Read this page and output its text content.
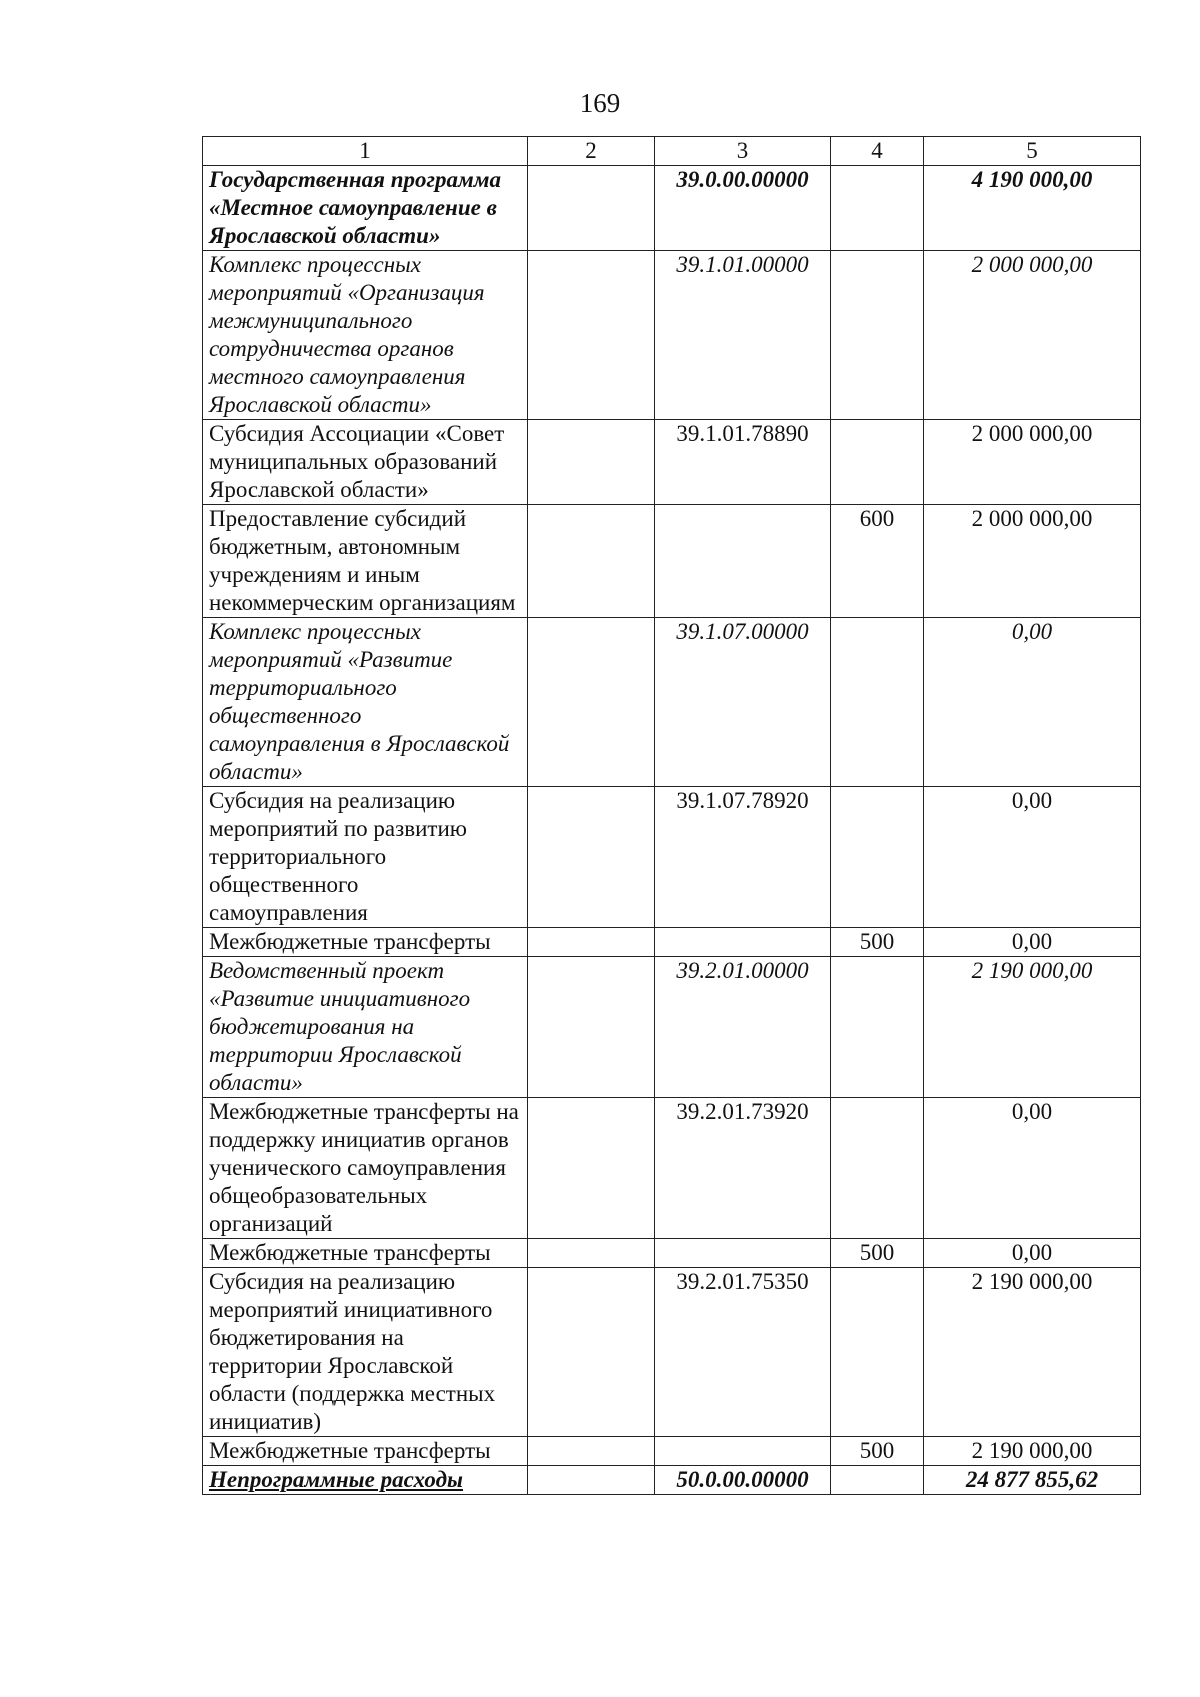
169
1	2	3	4	5
Государственная программа «Местное самоуправление в Ярославской области»		39.0.00.00000		4 190 000,00
Комплекс процессных мероприятий «Организация межмуниципального сотрудничества органов местного самоуправления Ярославской области»		39.1.01.00000		2 000 000,00
Субсидия Ассоциации «Совет муниципальных образований Ярославской области»		39.1.01.78890		2 000 000,00
Предоставление субсидий бюджетным, автономным учреждениям и иным некоммерческим организациям			600	2 000 000,00
Комплекс процессных мероприятий «Развитие территориального общественного самоуправления в Ярославской области»		39.1.07.00000		0,00
Субсидия на реализацию мероприятий по развитию территориального общественного самоуправления		39.1.07.78920		0,00
Межбюджетные трансферты			500	0,00
Ведомственный проект «Развитие инициативного бюджетирования на территории Ярославской области»		39.2.01.00000		2 190 000,00
Межбюджетные трансферты на поддержку инициатив органов ученического самоуправления общеобразовательных организаций		39.2.01.73920		0,00
Межбюджетные трансферты			500	0,00
Субсидия на реализацию мероприятий инициативного бюджетирования на территории Ярославской области (поддержка местных инициатив)		39.2.01.75350		2 190 000,00
Межбюджетные трансферты			500	2 190 000,00
Непрограммные расходы		50.0.00.00000		24 877 855,62
